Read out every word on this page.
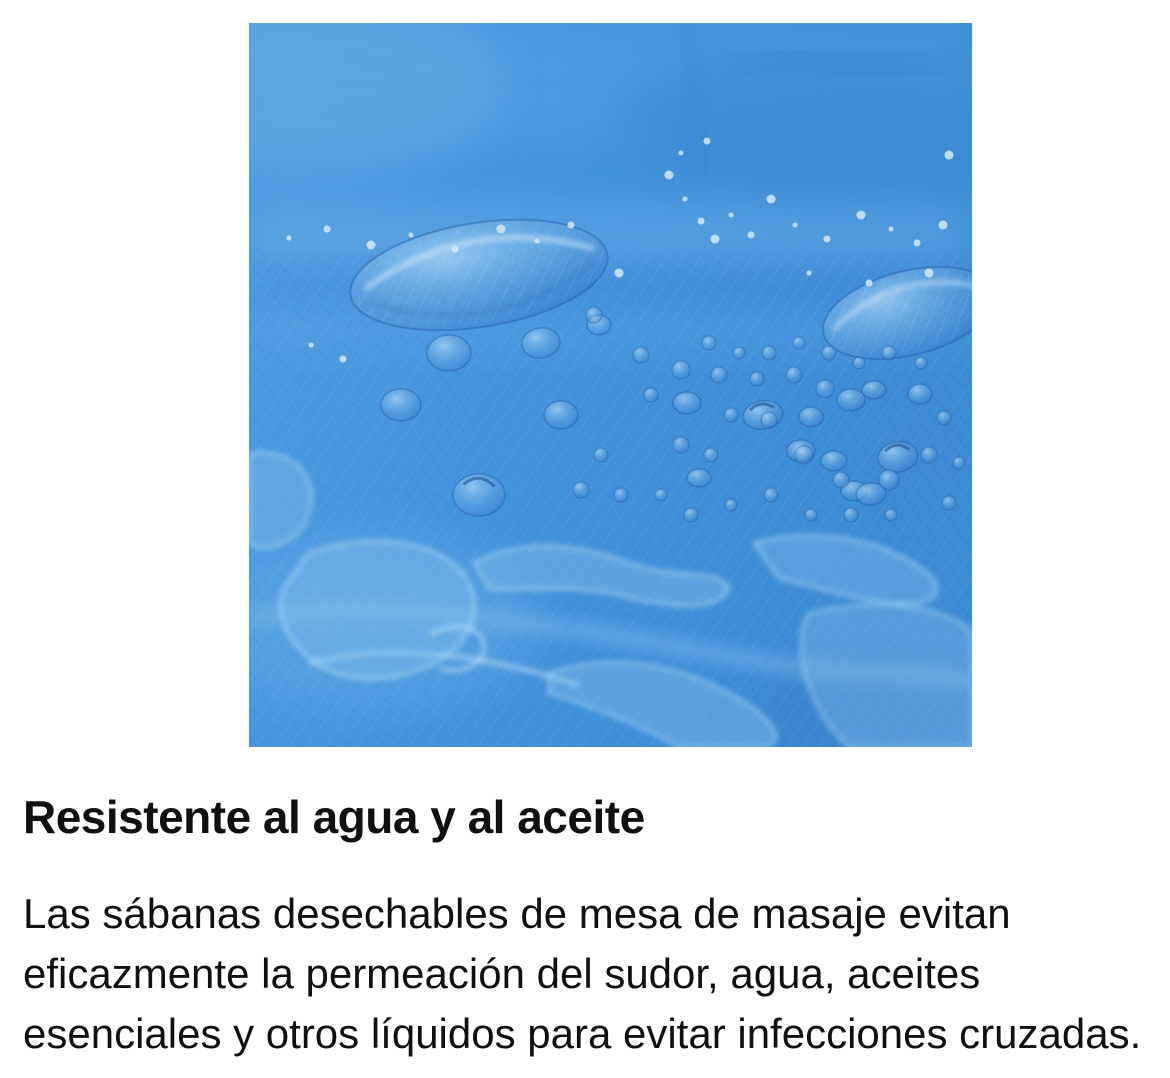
Resistente al agua y al aceite

Las sábanas desechables de mesa de masaje evitan
eficazmente la permeación del sudor, agua, aceites
esenciales y otros líquidos para evitar infecciones cruzadas.
